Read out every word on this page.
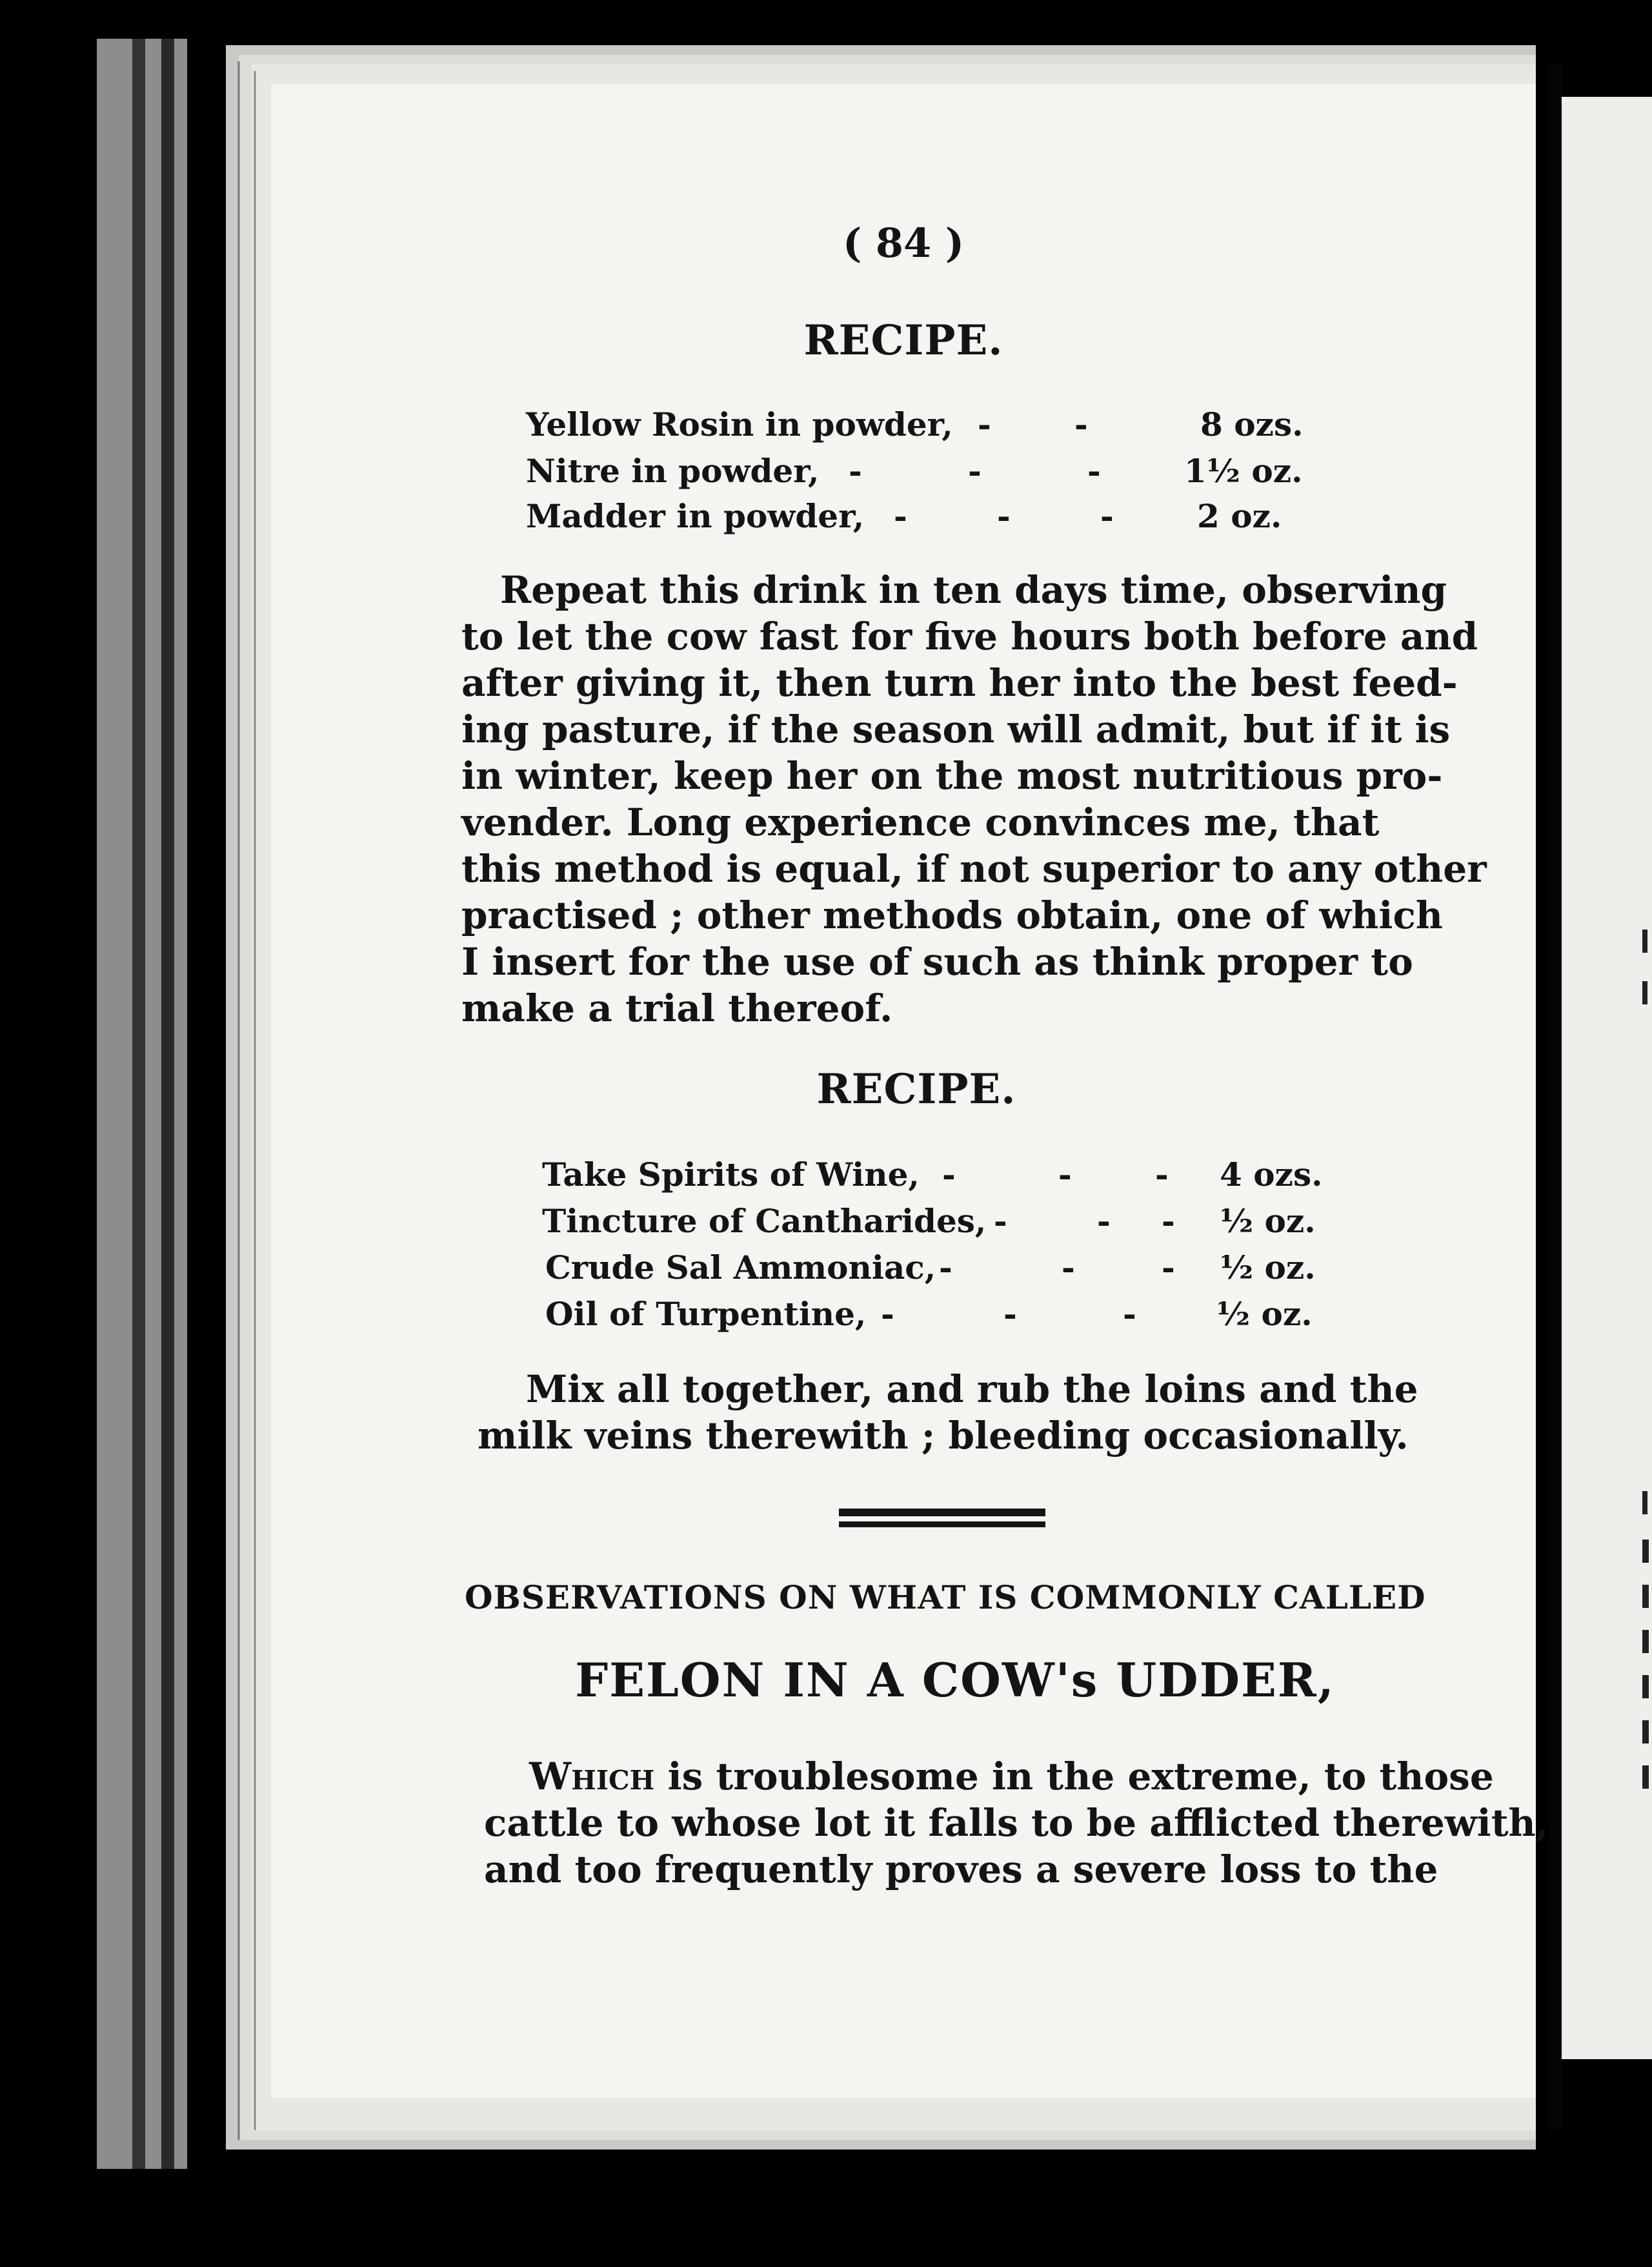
( 84 )

RECIPE.

Yellow Rosin in powder, -	-	8 ozs.
Nitre in powder, -	-	-	1½ oz.
Madder in powder, -	-	-	2 oz.

Repeat this drink in ten days time, observing

to let the cow fast for five hours both before and

after giving it, then turn her into the best feed-

ing pasture, if the season will admit, but if it is

in winter, keep her on the most nutritious pro-

vender. Long experience convinces me, that

this method is equal, if not superior to any other

practised ; other methods obtain, one of which

I insert for the use of such as think proper to

make a trial thereof.

RECIPE.

Take Spirits of Wine, -	-	- 4 ozs.
Tincture of Cantharides, -	- - ½ oz.
Crude Sal Ammoniac, -	-	- ½ oz.
Oil of Turpentine, -	-	- ½ oz.

Mix all together, and rub the loins and the

milk veins therewith ; bleeding occasionally.

OBSERVATIONS ON WHAT IS COMMONLY CALLED

FELON IN A COW's UDDER,

Which is troublesome in the extreme, to those

cattle to whose lot it falls to be afflicted therewith,

and too frequently proves a severe loss to the
